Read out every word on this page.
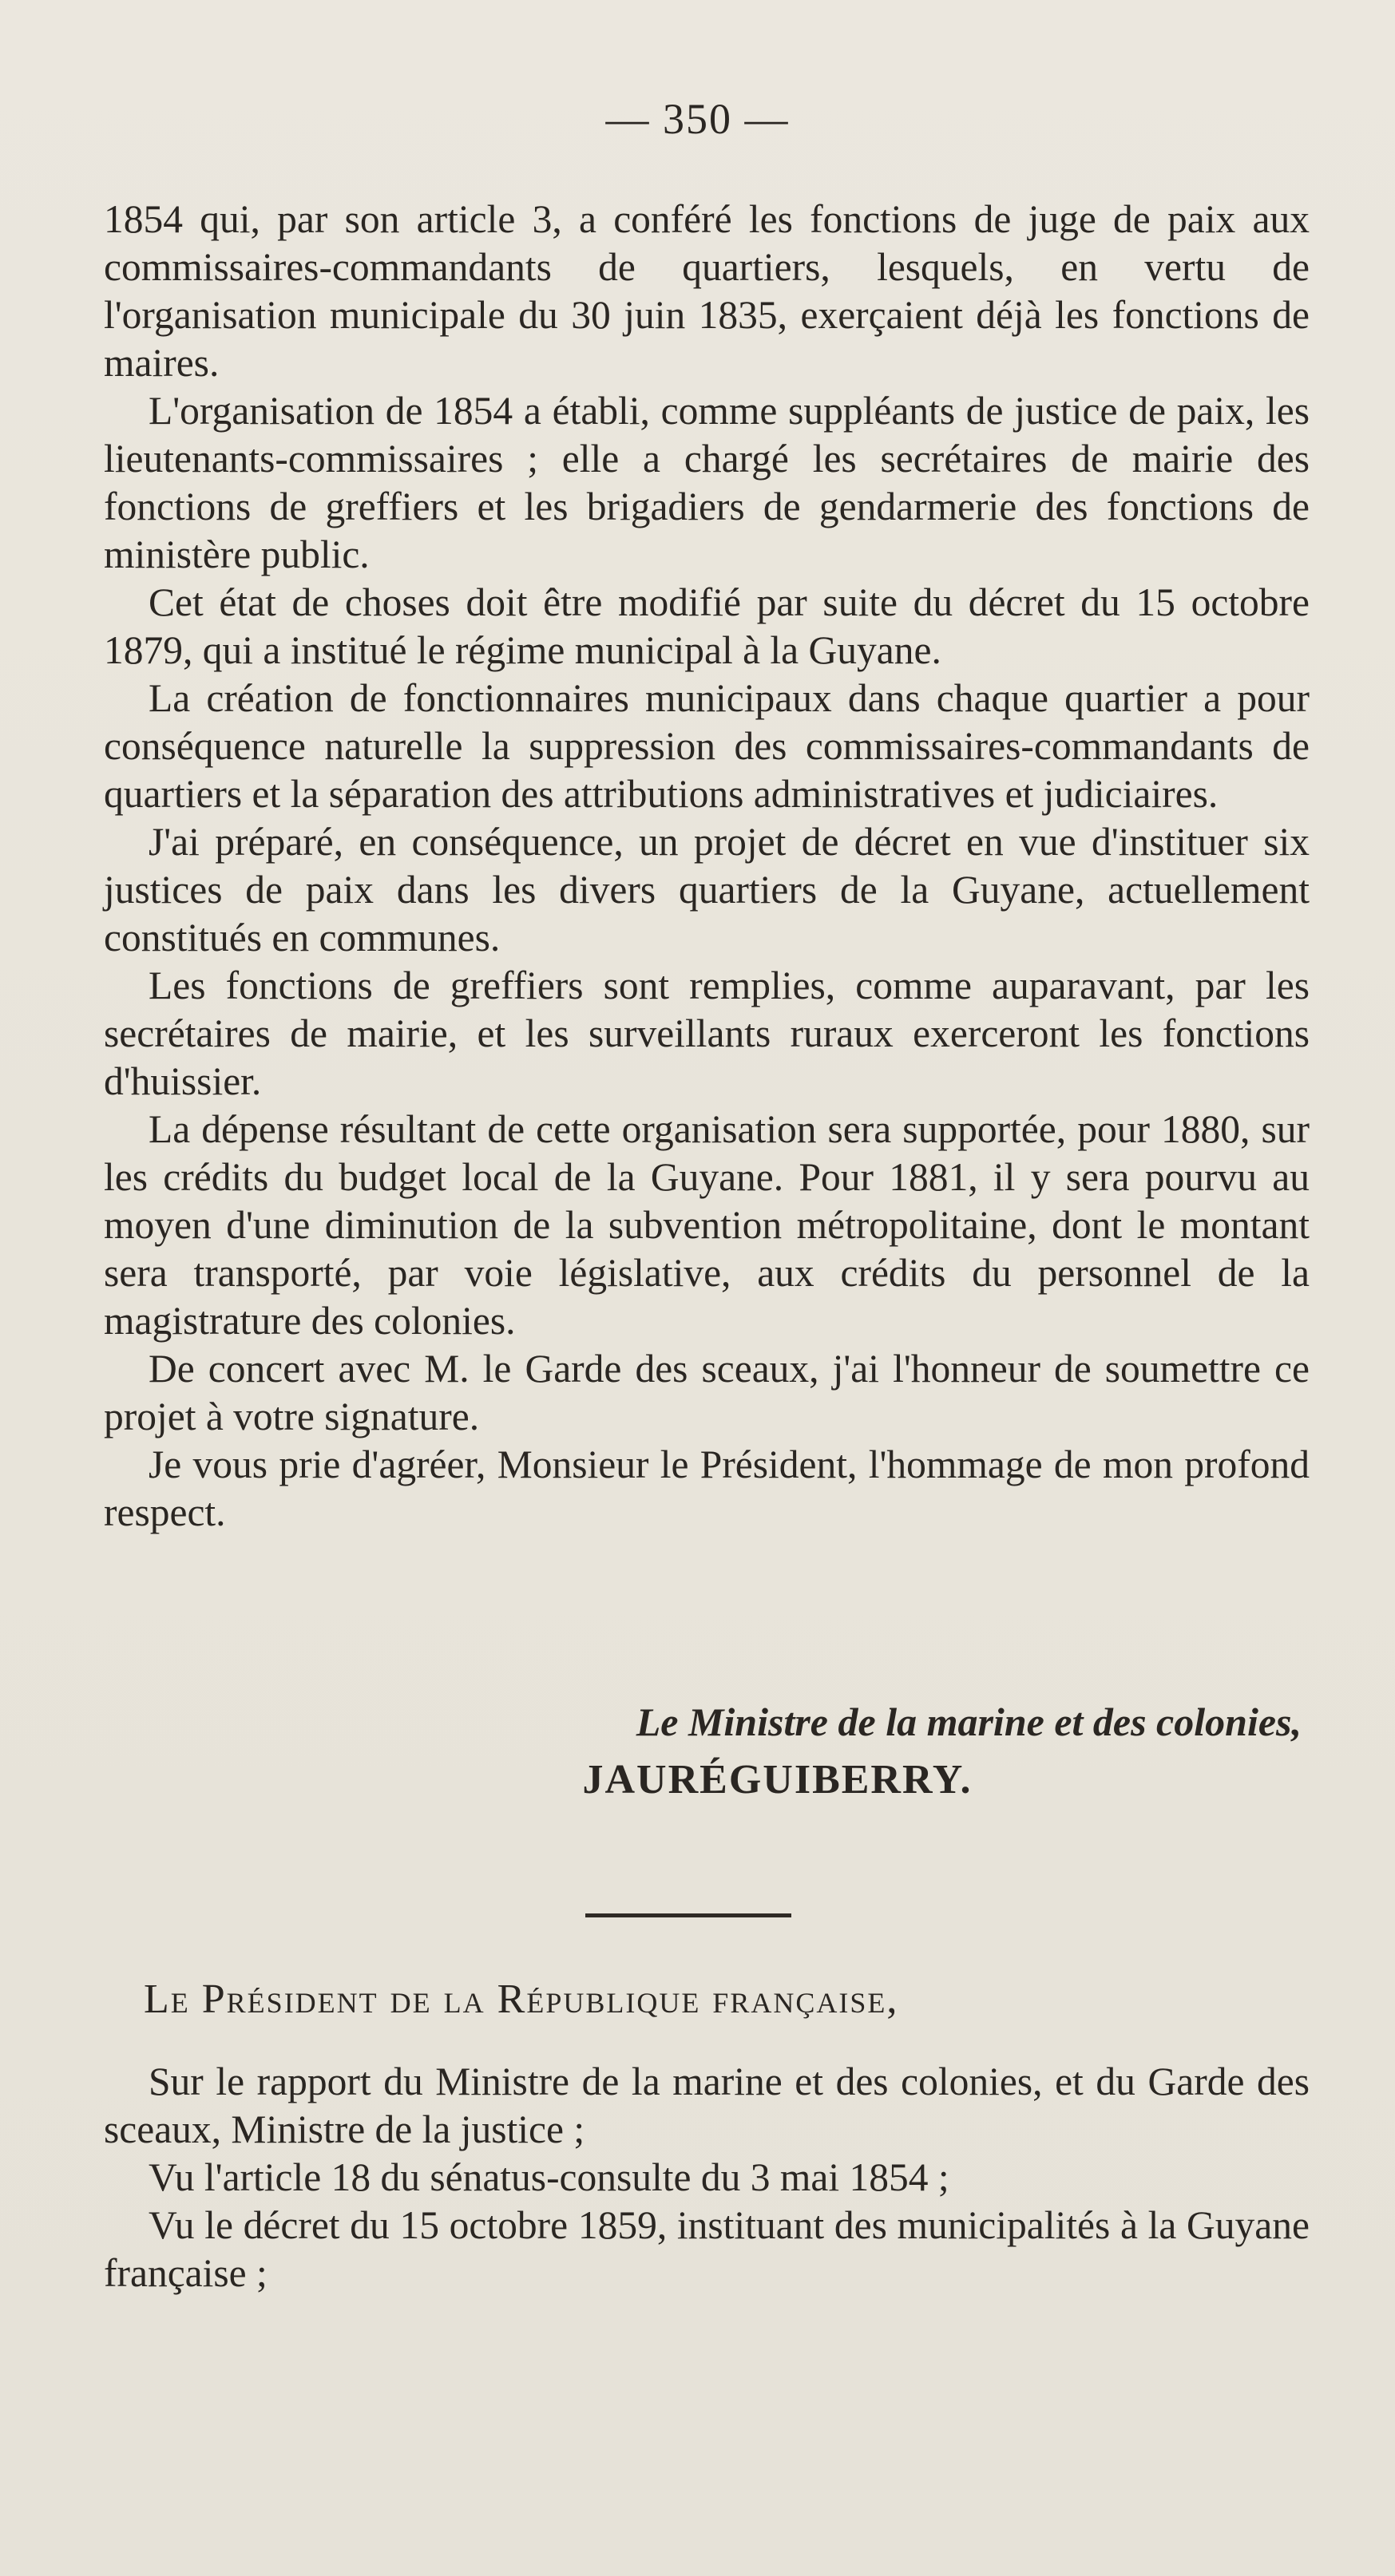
— 350 —

1854 qui, par son article 3, a conféré les fonctions de juge de paix aux commissaires-commandants de quartiers, lesquels, en vertu de l'organisation municipale du 30 juin 1835, exerçaient déjà les fonctions de maires.

L'organisation de 1854 a établi, comme suppléants de justice de paix, les lieutenants-commissaires ; elle a chargé les secrétaires de mairie des fonctions de greffiers et les brigadiers de gendarmerie des fonctions de ministère public.

Cet état de choses doit être modifié par suite du décret du 15 octobre 1879, qui a institué le régime municipal à la Guyane.

La création de fonctionnaires municipaux dans chaque quartier a pour conséquence naturelle la suppression des commissaires-commandants de quartiers et la séparation des attributions administratives et judiciaires.

J'ai préparé, en conséquence, un projet de décret en vue d'instituer six justices de paix dans les divers quartiers de la Guyane, actuellement constitués en communes.

Les fonctions de greffiers sont remplies, comme auparavant, par les secrétaires de mairie, et les surveillants ruraux exerceront les fonctions d'huissier.

La dépense résultant de cette organisation sera supportée, pour 1880, sur les crédits du budget local de la Guyane. Pour 1881, il y sera pourvu au moyen d'une diminution de la subvention métropolitaine, dont le montant sera transporté, par voie législative, aux crédits du personnel de la magistrature des colonies.

De concert avec M. le Garde des sceaux, j'ai l'honneur de soumettre ce projet à votre signature.

Je vous prie d'agréer, Monsieur le Président, l'hommage de mon profond respect.

Le Ministre de la marine et des colonies,
JAURÉGUIBERRY.
Le Président de la République française,

Sur le rapport du Ministre de la marine et des colonies, et du Garde des sceaux, Ministre de la justice ;

Vu l'article 18 du sénatus-consulte du 3 mai 1854 ;

Vu le décret du 15 octobre 1859, instituant des municipalités à la Guyane française ;
